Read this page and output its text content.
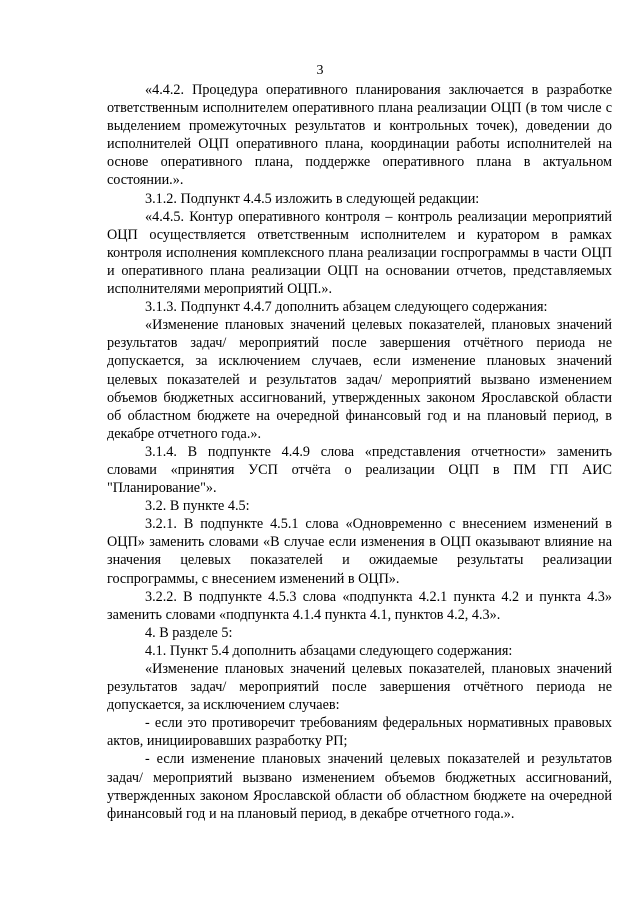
3

«4.4.2. Процедура оперативного планирования заключается в разработке ответственным исполнителем оперативного плана реализации ОЦП (в том числе с выделением промежуточных результатов и контрольных точек), доведении до исполнителей ОЦП оперативного плана, координации работы исполнителей на основе оперативного плана, поддержке оперативного плана в актуальном состоянии.».

3.1.2. Подпункт 4.4.5 изложить в следующей редакции:

«4.4.5. Контур оперативного контроля – контроль реализации мероприятий ОЦП осуществляется ответственным исполнителем и куратором в рамках контроля исполнения комплексного плана реализации госпрограммы в части ОЦП и оперативного плана реализации ОЦП на основании отчетов, представляемых исполнителями мероприятий ОЦП.».

3.1.3. Подпункт 4.4.7 дополнить абзацем следующего содержания:

«Изменение плановых значений целевых показателей, плановых значений результатов задач/ мероприятий после завершения отчётного периода не допускается, за исключением случаев, если изменение плановых значений целевых показателей и результатов задач/ мероприятий вызвано изменением объемов бюджетных ассигнований, утвержденных законом Ярославской области об областном бюджете на очередной финансовый год и на плановый период, в декабре отчетного года.».

3.1.4. В подпункте 4.4.9 слова «представления отчетности» заменить словами «принятия УСП отчёта о реализации ОЦП в ПМ ГП АИС "Планирование"».

3.2. В пункте 4.5:

3.2.1. В подпункте 4.5.1 слова «Одновременно с внесением изменений в ОЦП» заменить словами «В случае если изменения в ОЦП оказывают влияние на значения целевых показателей и ожидаемые результаты реализации госпрограммы, с внесением изменений в ОЦП».

3.2.2. В подпункте 4.5.3 слова «подпункта 4.2.1 пункта 4.2 и пункта 4.3» заменить словами «подпункта 4.1.4 пункта 4.1, пунктов 4.2, 4.3».

4. В разделе 5:

4.1. Пункт 5.4 дополнить абзацами следующего содержания:

«Изменение плановых значений целевых показателей, плановых значений результатов задач/ мероприятий после завершения отчётного периода не допускается, за исключением случаев:

- если это противоречит требованиям федеральных нормативных правовых актов, инициировавших разработку РП;

- если изменение плановых значений целевых показателей и результатов задач/ мероприятий вызвано изменением объемов бюджетных ассигнований, утвержденных законом Ярославской области об областном бюджете на очередной финансовый год и на плановый период, в декабре отчетного года.».
